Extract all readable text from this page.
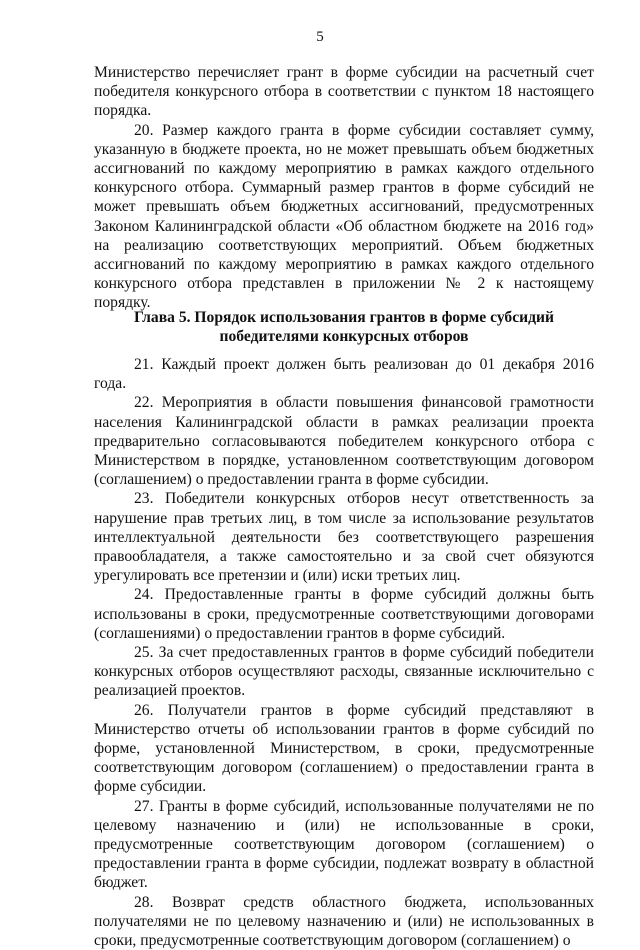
5

Министерство перечисляет грант в форме субсидии на расчетный счет победителя конкурсного отбора в соответствии с пунктом 18 настоящего порядка.

20. Размер каждого гранта в форме субсидии составляет сумму, указанную в бюджете проекта, но не может превышать объем бюджетных ассигнований по каждому мероприятию в рамках каждого отдельного конкурсного отбора. Суммарный размер грантов в форме субсидий не может превышать объем бюджетных ассигнований, предусмотренных Законом Калининградской области «Об областном бюджете на 2016 год» на реализацию соответствующих мероприятий. Объем бюджетных ассигнований по каждому мероприятию в рамках каждого отдельного конкурсного отбора представлен в приложении № 2 к настоящему порядку.

Глава 5. Порядок использования грантов в форме субсидий
победителями конкурсных отборов

21. Каждый проект должен быть реализован до 01 декабря 2016 года.

22. Мероприятия в области повышения финансовой грамотности населения Калининградской области в рамках реализации проекта предварительно согласовываются победителем конкурсного отбора с Министерством в порядке, установленном соответствующим договором (соглашением) о предоставлении гранта в форме субсидии.

23. Победители конкурсных отборов несут ответственность за нарушение прав третьих лиц, в том числе за использование результатов интеллектуальной деятельности без соответствующего разрешения правообладателя, а также самостоятельно и за свой счет обязуются урегулировать все претензии и (или) иски третьих лиц.

24. Предоставленные гранты в форме субсидий должны быть использованы в сроки, предусмотренные соответствующими договорами (соглашениями) о предоставлении грантов в форме субсидий.

25. За счет предоставленных грантов в форме субсидий победители конкурсных отборов осуществляют расходы, связанные исключительно с реализацией проектов.

26. Получатели грантов в форме субсидий представляют в Министерство отчеты об использовании грантов в форме субсидий по форме, установленной Министерством, в сроки, предусмотренные соответствующим договором (соглашением) о предоставлении гранта в форме субсидии.

27. Гранты в форме субсидий, использованные получателями не по целевому назначению и (или) не использованные в сроки, предусмотренные соответствующим договором (соглашением) о предоставлении гранта в форме субсидии, подлежат возврату в областной бюджет.

28. Возврат средств областного бюджета, использованных получателями не по целевому назначению и (или) не использованных в сроки, предусмотренные соответствующим договором (соглашением) о
